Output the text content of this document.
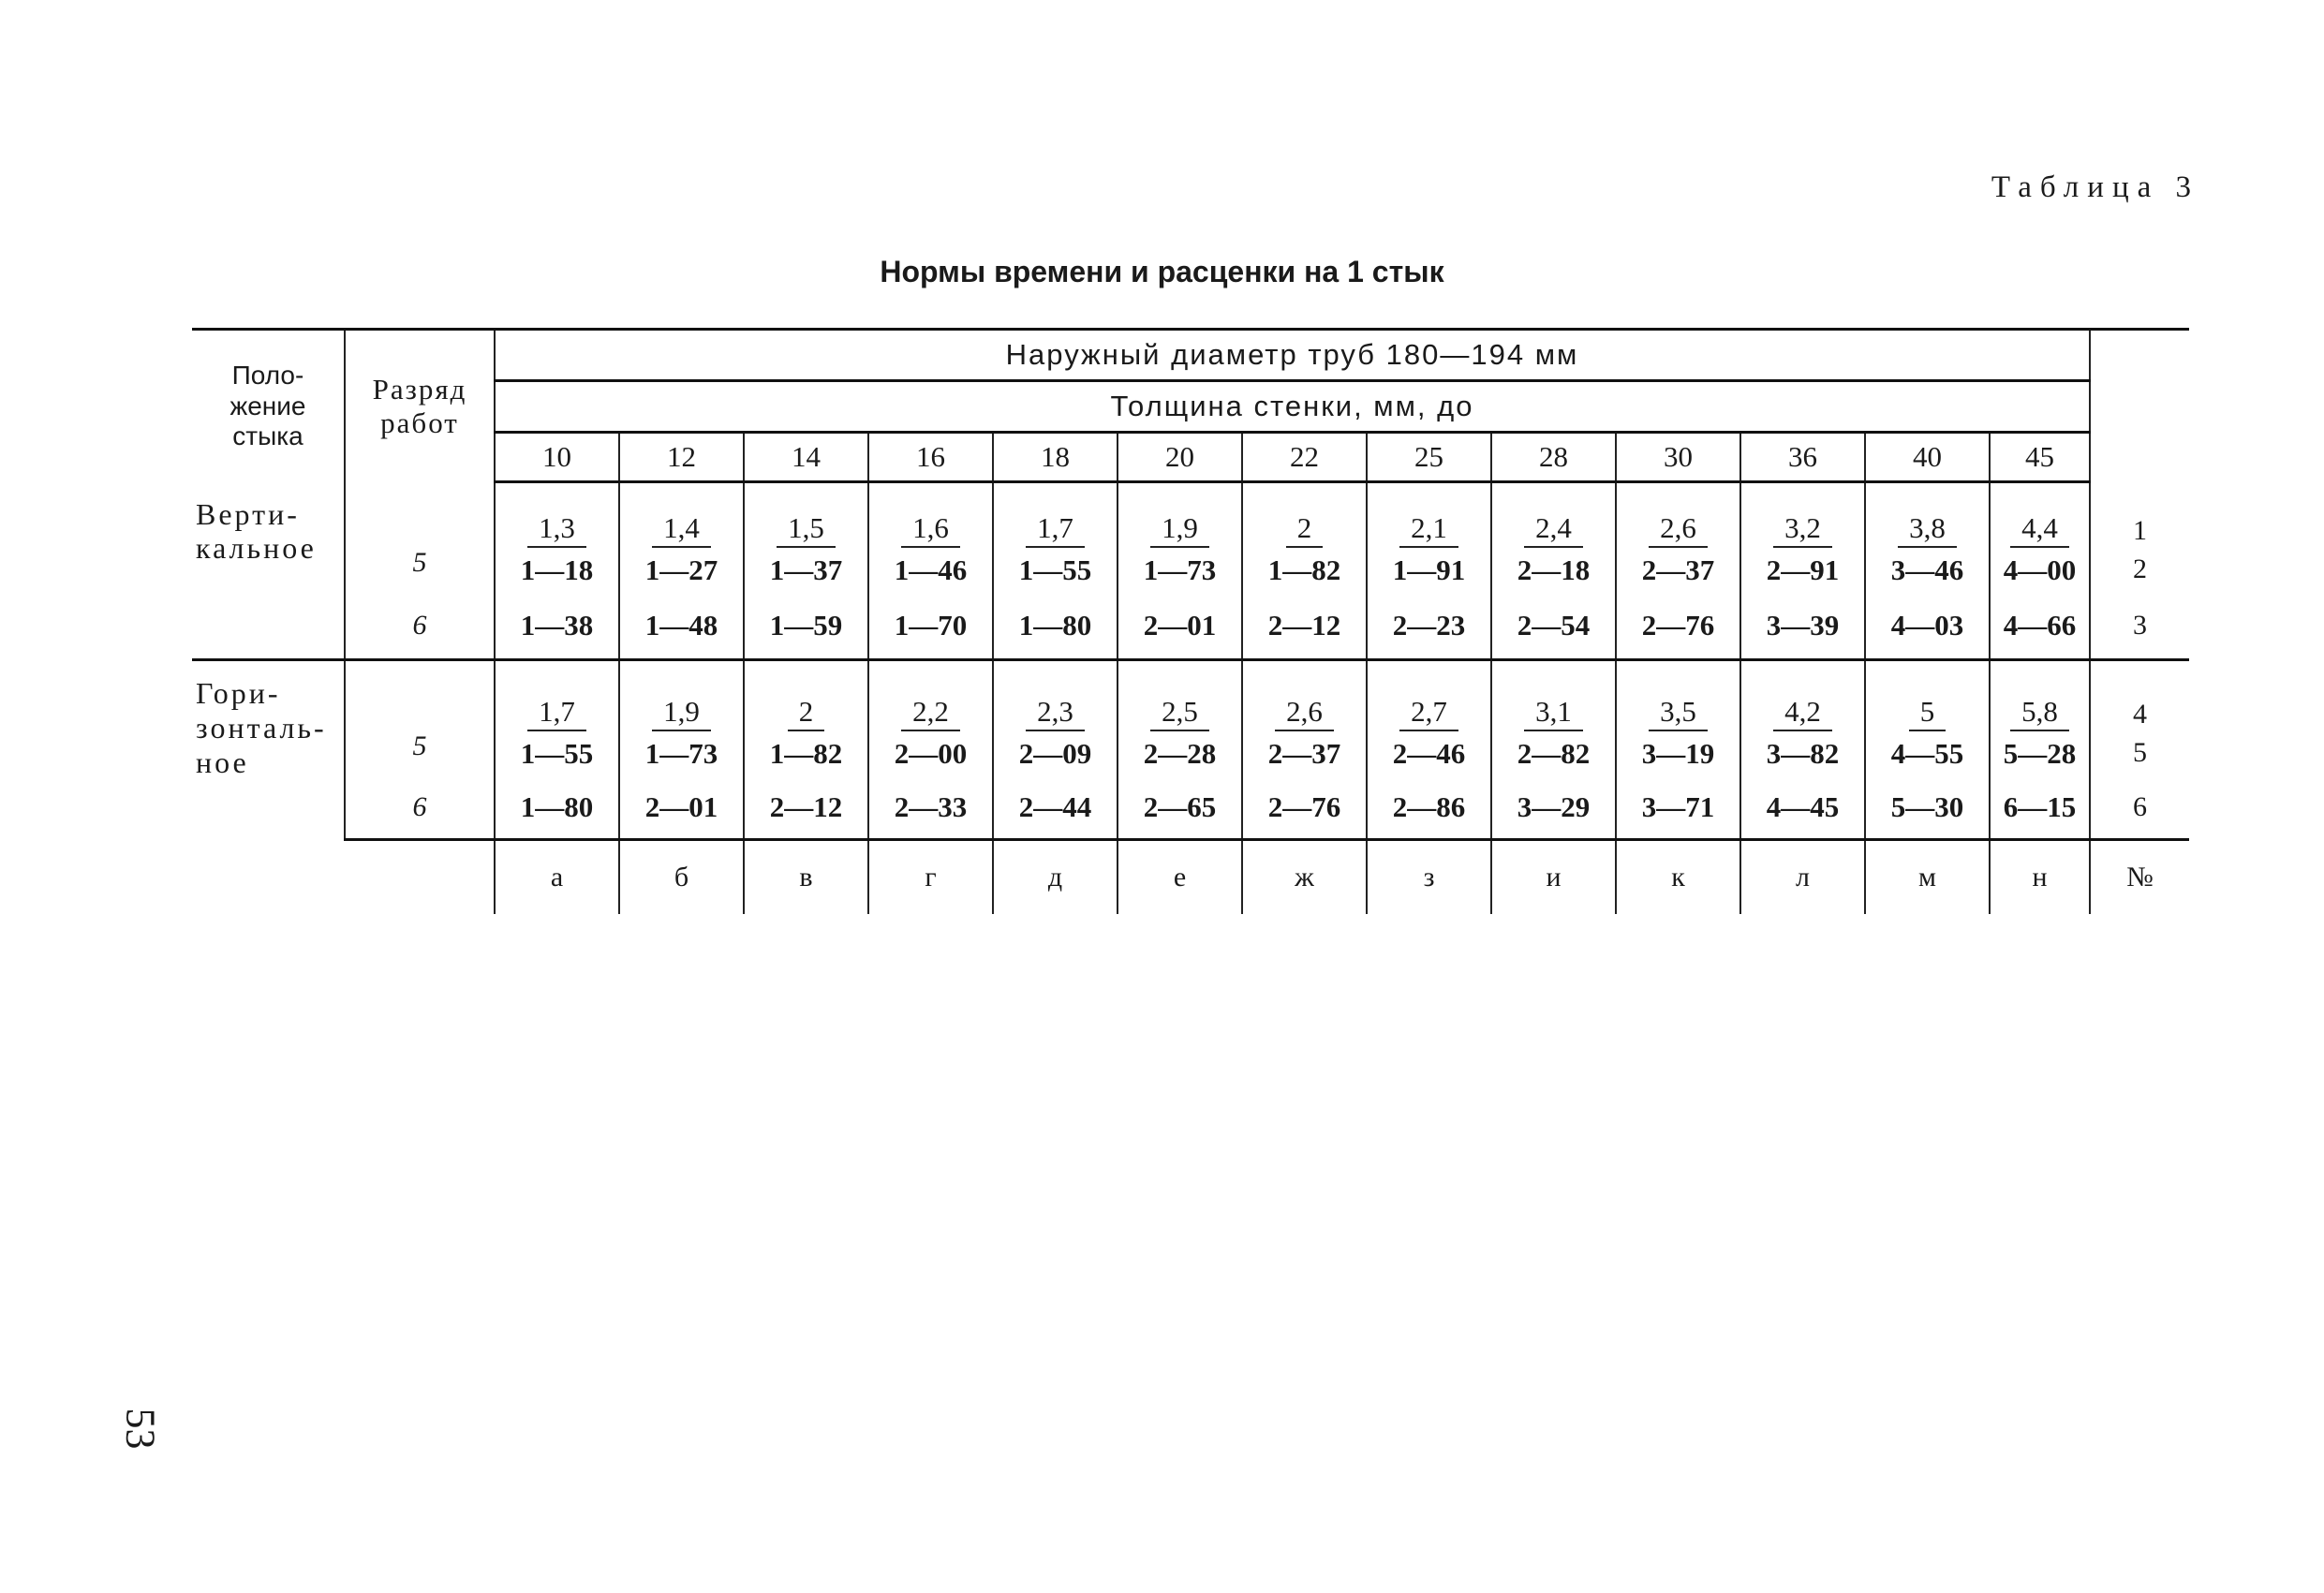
Таблица 3
Нормы времени и расценки на 1 стык
53
Поло-
жение
стыка	Разряд
работ	Наружный диаметр труб 180—194 мм													
		Толщина стенки, мм, до													
		10	12	14	16	18	20	22	25	28	30	36	40	45	
Верти-
кальное	5	1,3	1,4	1,5	1,6	1,7	1,9	2	2,1	2,4	2,6	3,2	3,8	4,4	1
		1—18	1—27	1—37	1—46	1—55	1—73	1—82	1—91	2—18	2—37	2—91	3—46	4—00	2
	6	1—38	1—48	1—59	1—70	1—80	2—01	2—12	2—23	2—54	2—76	3—39	4—03	4—66	3
Гори-
зонталь-
ное	5	1,7	1,9	2	2,2	2,3	2,5	2,6	2,7	3,1	3,5	4,2	5	5,8	4
		1—55	1—73	1—82	2—00	2—09	2—28	2—37	2—46	2—82	3—19	3—82	4—55	5—28	5
	6	1—80	2—01	2—12	2—33	2—44	2—65	2—76	2—86	3—29	3—71	4—45	5—30	6—15	6
		а	б	в	г	д	е	ж	з	и	к	л	м	н	№
